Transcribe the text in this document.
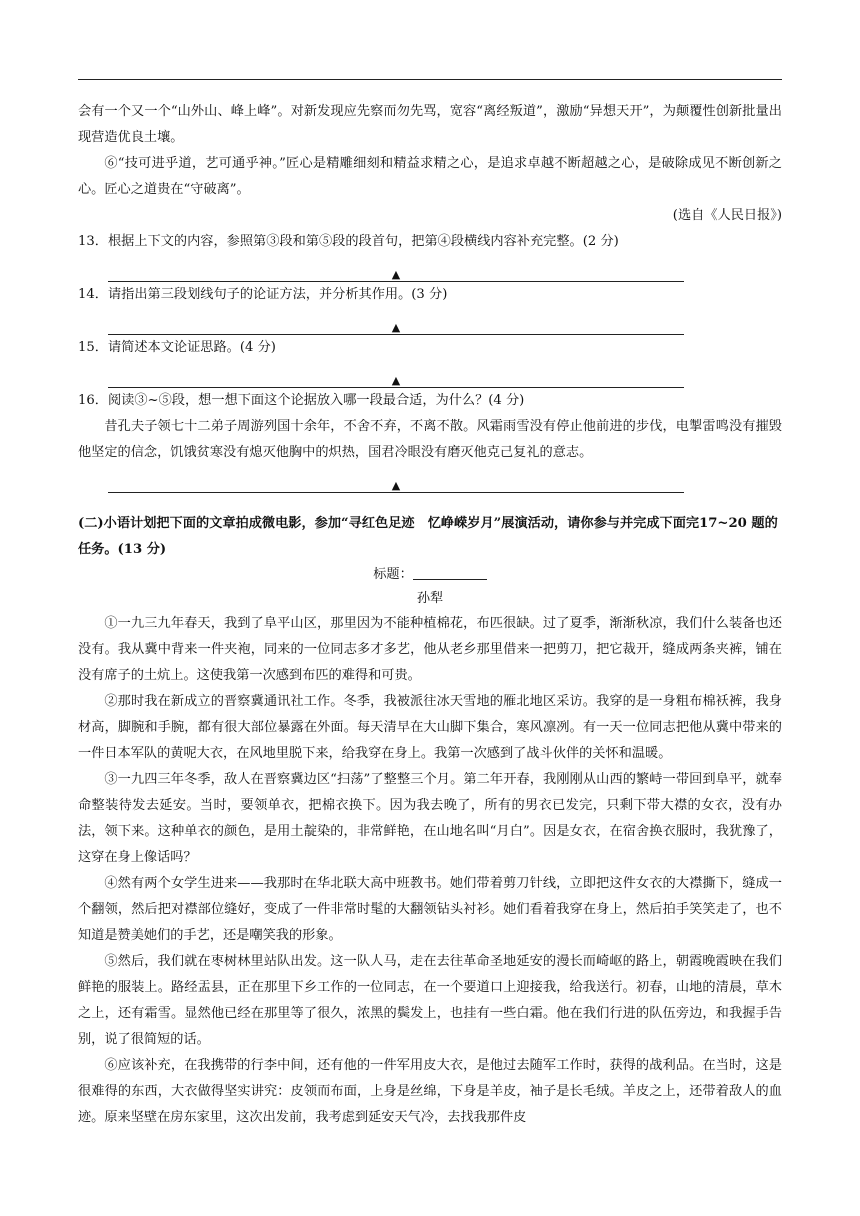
会有一个又一个“山外山、峰上峰”。对新发现应先察而勿先骂，宽容“离经叛道”，激励“异想天开”，为颠覆性创新批量出现营造优良土壤。

⑥“技可进乎道，艺可通乎神。”匠心是精雕细刻和精益求精之心，是追求卓越不断超越之心，是破除成见不断创新之心。匠心之道贵在“守破离”。

(选自《人民日报》)

13．根据上下文的内容，参照第③段和第⑤段的段首句，把第④段横线内容补充完整。(2 分)

▲

14．请指出第三段划线句子的论证方法，并分析其作用。(3 分)

▲

15．请简述本文论证思路。(4 分)

▲

16．阅读③~⑤段，想一想下面这个论据放入哪一段最合适，为什么？(4 分)

昔孔夫子领七十二弟子周游列国十余年，不舍不弃，不离不散。风霜雨雪没有停止他前进的步伐，电掣雷鸣没有摧毁他坚定的信念，饥饿贫寒没有熄灭他胸中的炽热，国君冷眼没有磨灭他克己复礼的意志。

▲

(二)小语计划把下面的文章拍成微电影，参加“寻红色足迹　忆峥嵘岁月”展演活动，请你参与并完成下面完17~20 题的任务。(13 分)

标题：
孙犁

①一九三九年春天，我到了阜平山区，那里因为不能种植棉花，布匹很缺。过了夏季，渐渐秋凉，我们什么装备也还没有。我从冀中背来一件夹袍，同来的一位同志多才多艺，他从老乡那里借来一把剪刀，把它裁开，缝成两条夹裤，铺在没有席子的土炕上。这使我第一次感到布匹的难得和可贵。

②那时我在新成立的晋察冀通讯社工作。冬季，我被派往冰天雪地的雁北地区采访。我穿的是一身粗布棉袄裤，我身材高，脚腕和手腕，都有很大部位暴露在外面。每天清早在大山脚下集合，寒风凛冽。有一天一位同志把他从冀中带来的一件日本军队的黄呢大衣，在风地里脱下来，给我穿在身上。我第一次感到了战斗伙伴的关怀和温暖。

③一九四三年冬季，敌人在晋察冀边区“扫荡”了整整三个月。第二年开春，我刚刚从山西的繁峙一带回到阜平，就奉命整装待发去延安。当时，要领单衣，把棉衣换下。因为我去晚了，所有的男衣已发完，只剩下带大襟的女衣，没有办法，领下来。这种单衣的颜色，是用土靛染的，非常鲜艳，在山地名叫“月白”。因是女衣，在宿舍换衣服时，我犹豫了，这穿在身上像话吗？

④然有两个女学生进来——我那时在华北联大高中班教书。她们带着剪刀针线，立即把这件女衣的大襟撕下，缝成一个翻领，然后把对襟部位缝好，变成了一件非常时髦的大翻领钻头衬衫。她们看着我穿在身上，然后拍手笑笑走了，也不知道是赞美她们的手艺，还是嘲笑我的形象。

⑤然后，我们就在枣树林里站队出发。这一队人马，走在去往革命圣地延安的漫长而崎岖的路上，朝霞晚霞映在我们鲜艳的服装上。路经盂县，正在那里下乡工作的一位同志，在一个要道口上迎接我，给我送行。初春，山地的清晨，草木之上，还有霜雪。显然他已经在那里等了很久，浓黑的鬓发上，也挂有一些白霜。他在我们行进的队伍旁边，和我握手告别，说了很简短的话。

⑥应该补充，在我携带的行李中间，还有他的一件军用皮大衣，是他过去随军工作时，获得的战利品。在当时，这是很难得的东西，大衣做得坚实讲究：皮领而布面，上身是丝绵，下身是羊皮，袖子是长毛绒。羊皮之上，还带着敌人的血迹。原来坚壁在房东家里，这次出发前，我考虑到延安天气冷，去找我那件皮
